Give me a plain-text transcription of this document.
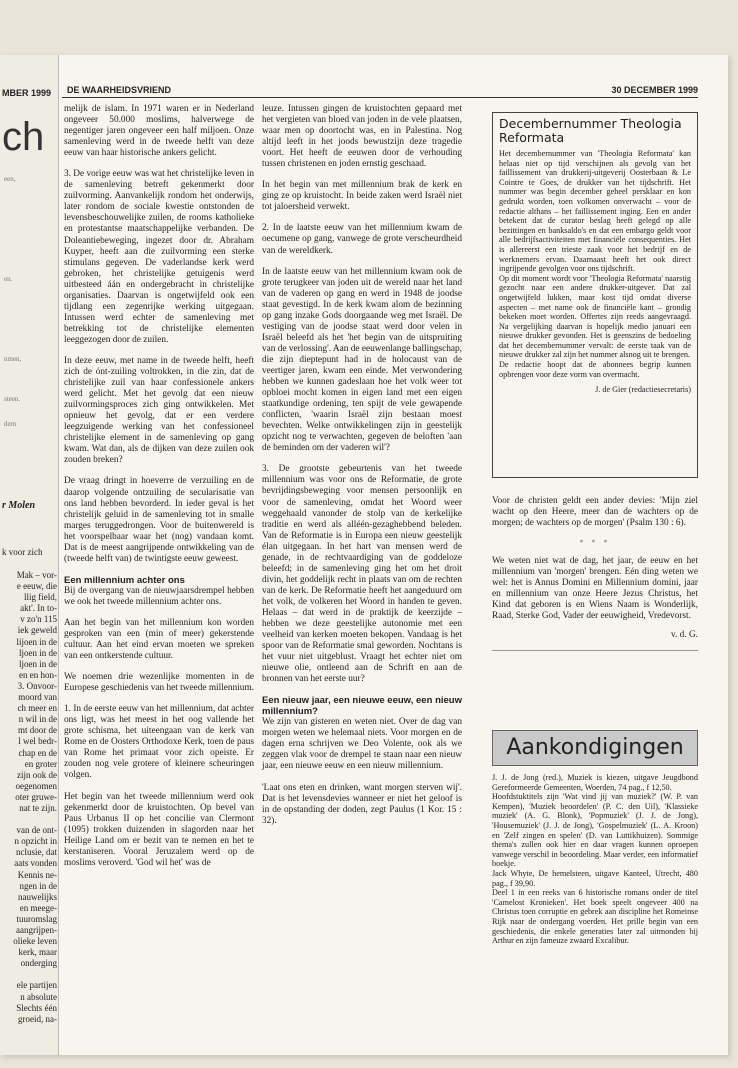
MBER 1999
ch
een,
en.
nmen,
steen.
dem
r Molen
k voor zich
Mak – vor-
e eeuw, die
llig field,
akt'. In to-
v zo'n 115
iek geweld
lijoen in de
ljoen in de
ljoen in de
en en hon-
3. Onvoor-
moord van
ch meer en
n wil in de
mt door de
l wel bedr-
chap en de
en groter
zijn ook de
oegenomen
oter gruwe-
nat te zijn.

van de ont-
n opzicht in
nclusie, dat
aats vonden
Kennis ne-
ngen in de
nauwelijks
en meege-
tuuromslag
aangrijpen-
olieke leven
kerk, maar
onderging

ele partijen
n absolute
Slechts één
groeid, na-
DE WAARHEIDSVRIEND	30 DECEMBER 1999

melijk de islam. In 1971 waren er in Nederland ongeveer 50.000 moslims, halverwege de negentiger jaren ongeveer een half miljoen. Onze samenleving werd in de tweede helft van deze eeuw van haar historische ankers gelicht.

3. De vorige eeuw was wat het christelijke leven in de samenleving betreft gekenmerkt door zuilvorming. Aanvankelijk rondom het onderwijs, later rondom de sociale kwestie ontstonden de levensbeschouwelijke zuilen, de rooms katholieke en protestantse maatschappelijke verbanden. De Doleantiebeweging, ingezet door dr. Abraham Kuyper, heeft aan die zuilvorming een sterke stimulans gegeven. De vaderlandse kerk werd gebroken, het christelijke getuigenis werd uitbesteed áán en ondergebracht ìn christelijke organisaties. Daarvan is ongetwijfeld ook een tijdlang een zegenrijke werking uitgegaan. Intussen werd echter de samenleving met betrekking tot de christelijke elementen leeggezogen door de zuilen.

In deze eeuw, met name in de tweede helft, heeft zich de ónt-zuiling voltrokken, in die zin, dat de christelijke zuil van haar confessionele ankers werd gelicht. Met het gevolg dat een nieuw zuilvormingsproces zich ging ontwikkelen. Met opnieuw het gevolg, dat er een verdere leegzuigende werking van het confessioneel christelijke element in de samenleving op gang kwam. Wat dan, als de dijken van deze zuilen ook zouden breken?

De vraag dringt in hoeverre de verzuiling en de daarop volgende ontzuiling de secularisatie van ons land hebben bevorderd. In ieder geval is het christelijk geluid in de samenleving tot in smalle marges teruggedrongen. Voor de buitenwereld is het voorspelbaar waar het (nog) vandaan komt. Dat is de meest aangrijpende ontwikkeling van de (tweede helft van) de twintigste eeuw geweest.

Een millennium achter ons

Bij de overgang van de nieuwjaarsdrempel hebben we ook het tweede millennium achter ons.

Aan het begin van het millennium kon worden gesproken van een (min of meer) gekerstende cultuur. Aan het eind ervan moeten we spreken van een ontkerstende cultuur.

We noemen drie wezenlijke momenten in de Europese geschiedenis van het tweede millennium.

1. In de eerste eeuw van het millennium, dat achter ons ligt, was het meest in het oog vallende het grote schisma, het uiteengaan van de kerk van Rome en de Oosters Orthodoxe Kerk, toen de paus van Rome het primaat voor zich opeiste. Er zouden nog vele grotere of kleinere scheuringen volgen.

Het begin van het tweede millennium werd ook gekenmerkt door de kruistochten. Op bevel van Paus Urbanus II op het concilie van Clermont (1095) trokken duizenden in slagorden naar het Heilige Land om er bezit van te nemen en het te kerstaniseren. Vooral Jeruzalem werd op de moslims veroverd. 'God wil het' was de

leuze. Intussen gingen de kruistochten gepaard met het vergieten van bloed van joden in de vele plaatsen, waar men op doortocht was, en in Palestina. Nog altijd leeft in het joods bewustzijn deze tragedie voort. Het heeft de eeuwen door de verhouding tussen christenen en joden ernstig geschaad.

In het begin van met millennium brak de kerk en ging ze op kruistocht. In beide zaken werd Israël niet tot jaloersheid verwekt.

2. In de laatste eeuw van het millennium kwam de oecumene op gang, vanwege de grote verscheurdheid van de wereldkerk.

In de laatste eeuw van het millennium kwam ook de grote terugkeer van joden uit de wereld naar het land van de vaderen op gang en werd in 1948 de joodse staat gevestigd. In de kerk kwam alom de bezinning op gang inzake Gods doorgaande weg met Israël. De vestiging van de joodse staat werd door velen in Israël beleefd als het 'het begin van de uitspruiting van de verlossing'. Aan de eeuwenlange ballingschap, die zijn dieptepunt had in de holocaust van de veertiger jaren, kwam een einde. Met verwondering hebben we kunnen gadeslaan hoe het volk weer tot opbloei mocht komen in eigen land met een eigen staatkundige ordening, ten spijt de vele gewapende conflicten, 'waarin Israël zijn bestaan moest bevechten. Welke ontwikkelingen zijn in geestelijk opzicht nog te verwachten, gegeven de beloften 'aan de beminden om der vaderen wil'?

3. De grootste gebeurtenis van het tweede millennium was voor ons de Reformatie, de grote bevrijdingsbeweging voor mensen persoonlijk en voor de samenleving, omdat het Woord weer weggehaald vanonder de stolp van de kerkelijke traditie en werd als alléén-gezaghebbend beleden. Van de Reformatie is in Europa een nieuw geestelijk élan uitgegaan. In het hart van mensen werd de genade, in de rechtvaardiging van de goddeloze beleefd; in de samenleving ging het om het droit divin, het goddelijk recht in plaats van om de rechten van de kerk. De Reformatie heeft het aangeduurd om het volk, de volkeren het Woord in handen te geven. Helaas – dat werd in de praktijk de keerzijde – hebben we deze geestelijke autonomie met een veelheid van kerken moeten bekopen. Vandaag is het spoor van de Reformatie smal geworden. Nochtans is het vuur niet uitgeblust. Vraagt het echter niet om nieuwe olie, ontleend aan de Schrift en aan de bronnen van het eerste uur?

Een nieuw jaar, een nieuwe eeuw, een nieuw millennium?

We zijn van gisteren en weten niet. Over de dag van morgen weten we helemaal niets. Voor morgen en de dagen erna schrijven we Deo Volente, ook als we zeggen vlak voor de drempel te staan naar een nieuw jaar, een nieuwe eeuw en een nieuw millennium.

'Laat ons eten en drinken, want morgen sterven wij'. Dat is het levensdevies wanneer er niet het geloof is in de opstanding der doden, zegt Paulus (1 Kor. 15 : 32).

Decembernummer Theologia Reformata

Het decembernummer van 'Theologia Reformata' kan helaas niet op tijd verschijnen als gevolg van het faillissement van drukkerij-uitgeverij Oosterbaan & Le Cointre te Goes, de drukker van het tijdschrift. Het nummer was begin december geheel persklaar en kon gedrukt worden, toen volkomen onverwacht – voor de redactie althans – het faillissement inging. Een en ander betekent dat de curator beslag heeft gelegd op alle bezittingen en banksaldo's en dat een embargo geldt voor alle bedrijfsactiviteiten met financiële consequenties. Het is allereerst een trieste zaak voor het bedrijf en de werknemers ervan. Daarnaast heeft het ook direct ingrijpende gevolgen voor ons tijdschrift.

Op dit moment wordt voor 'Theologia Reformata' naarstig gezocht naar een andere drukker-uitgever. Dat zal ongetwijfeld lukken, maar kost tijd omdat diverse aspecten – met name ook de financiële kant – grondig bekeken moet worden. Offertes zijn reeds aangevraagd. Na vergelijking daarvan is hopelijk medio januari een nieuwe drukker gevonden. Het is geenszins de bedoeling dat het decembernummer vervalt: de eerste taak van de nieuwe drukker zal zijn het nummer alsnog uit te brengen.

De redactie hoopt dat de abonnees begrip kunnen opbrengen voor deze vorm van overmacht.

J. de Gier (redactiesecretaris)

Voor de christen geldt een ander devies: 'Mijn ziel wacht op den Heere, meer dan de wachters op de morgen; de wachters op de morgen' (Psalm 130 : 6).

* * *

We weten niet wat de dag, het jaar, de eeuw en het millennium van 'morgen' brengen. Eén ding weten we wel: het is Annus Domini en Millennium domini, jaar en millennium van onze Heere Jezus Christus, het Kind dat geboren is en Wiens Naam is Wonderlijk, Raad, Sterke God, Vader der eeuwigheid, Vredevorst.

v. d. G.
Aankondigingen

J. J. de Jong (red.), Muziek is kiezen, uitgave Jeugdbond Gereformeerde Gemeenten, Woerden, 74 pag., f 12,50.

Hoofdstuktitels zijn 'Wat vind jij van muziek?' (W. P. van Kempen), 'Muziek beoordelen' (P. C. den Uil), 'Klassieke muziek' (A. G. Blonk), 'Popmuziek' (J. J. de Jong), 'Housemuziek' (J. J. de Jong), 'Gospelmuziek' (L. A. Kroon) en 'Zelf zingen en spelen' (D. van Luttikhuizen). Sommige thema's zullen ook hier en daar vragen kunnen oproepen vanwege verschil in beoordeling. Maar verder, een informatief boekje.

Jack Whyte, De hemelsteen, uitgave Kanteel, Utrecht, 480 pag., f 39,90.

Deel 1 in een reeks van 6 historische romans onder de titel 'Camelost Kronieken'. Het boek speelt ongeveer 400 na Christus toen corruptie en gebrek aan discipline het Romeinse Rijk naar de ondergang voerden. Het prille begin van een geschiedenis, die enkele generaties later zal uitmonden bij Arthur en zijn fameuze zwaard Excalibur.
